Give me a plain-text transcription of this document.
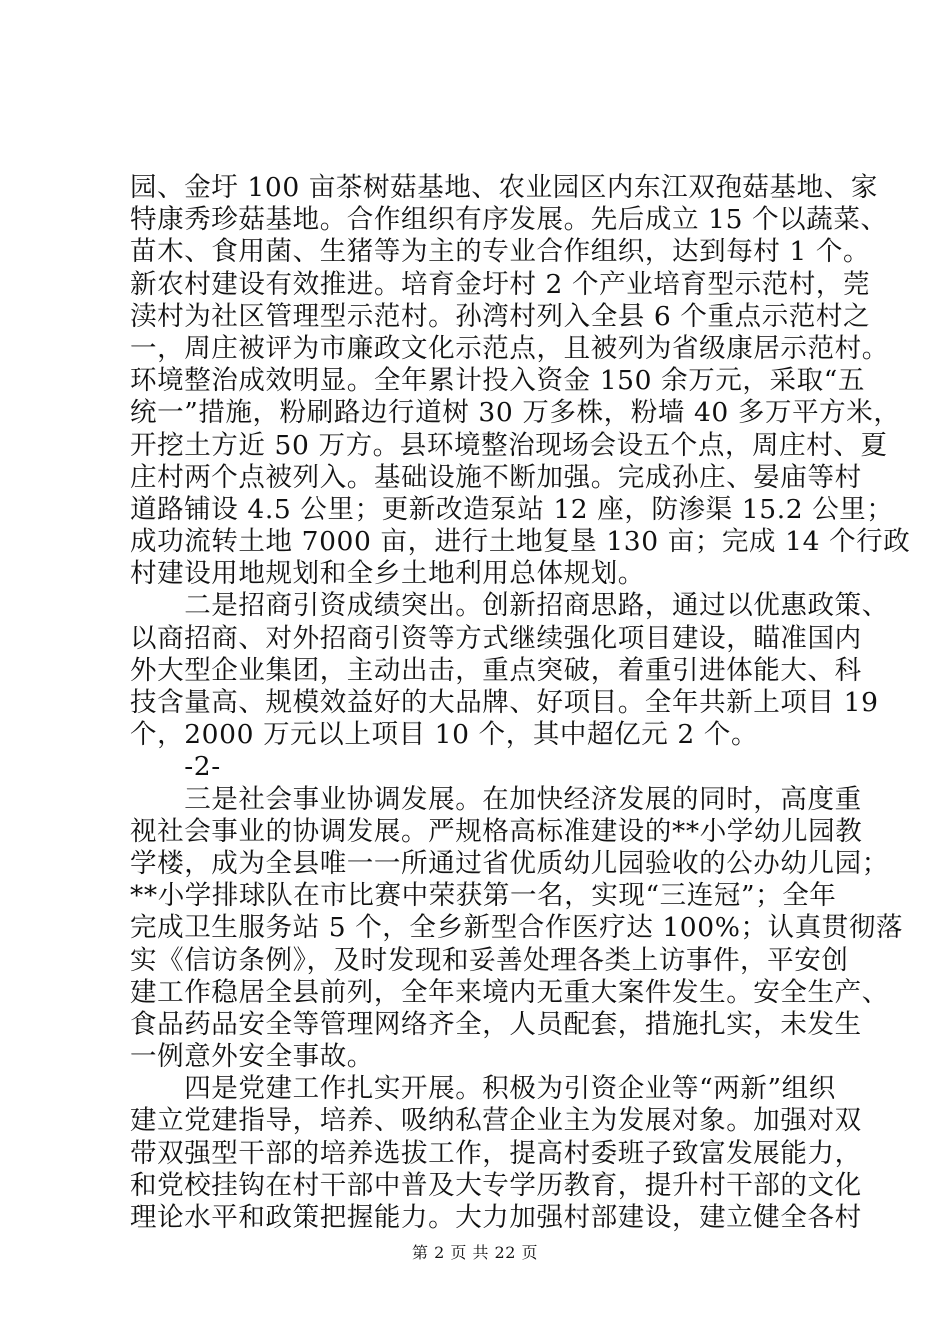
园、金圩 100 亩茶树菇基地、农业园区内东江双孢菇基地、家
特康秀珍菇基地。合作组织有序发展。先后成立 15 个以蔬菜、
苗木、食用菌、生猪等为主的专业合作组织，达到每村 1 个。
新农村建设有效推进。培育金圩村 2 个产业培育型示范村，莞
渎村为社区管理型示范村。孙湾村列入全县 6 个重点示范村之
一，周庄被评为市廉政文化示范点，且被列为省级康居示范村。
环境整治成效明显。全年累计投入资金 150 余万元，采取“五
统一”措施，粉刷路边行道树 30 万多株，粉墙 40 多万平方米，
开挖土方近 50 万方。县环境整治现场会设五个点，周庄村、夏
庄村两个点被列入。基础设施不断加强。完成孙庄、晏庙等村
道路铺设 4.5 公里；更新改造泵站 12 座，防渗渠 15.2 公里；
成功流转土地 7000 亩，进行土地复垦 130 亩；完成 14 个行政
村建设用地规划和全乡土地利用总体规划。
　　二是招商引资成绩突出。创新招商思路，通过以优惠政策、
以商招商、对外招商引资等方式继续强化项目建设，瞄准国内
外大型企业集团，主动出击，重点突破，着重引进体能大、科
技含量高、规模效益好的大品牌、好项目。全年共新上项目 19
个，2000 万元以上项目 10 个，其中超亿元 2 个。
　　-2-
　　三是社会事业协调发展。在加快经济发展的同时，高度重
视社会事业的协调发展。严规格高标准建设的**小学幼儿园教
学楼，成为全县唯一一所通过省优质幼儿园验收的公办幼儿园；
**小学排球队在市比赛中荣获第一名，实现“三连冠”；全年
完成卫生服务站 5 个，全乡新型合作医疗达 100%；认真贯彻落
实《信访条例》，及时发现和妥善处理各类上访事件，平安创
建工作稳居全县前列，全年来境内无重大案件发生。安全生产、
食品药品安全等管理网络齐全，人员配套，措施扎实，未发生
一例意外安全事故。
　　四是党建工作扎实开展。积极为引资企业等“两新”组织
建立党建指导，培养、吸纳私营企业主为发展对象。加强对双
带双强型干部的培养选拔工作，提高村委班子致富发展能力，
和党校挂钩在村干部中普及大专学历教育，提升村干部的文化
理论水平和政策把握能力。大力加强村部建设，建立健全各村
第 2 页 共 22 页
